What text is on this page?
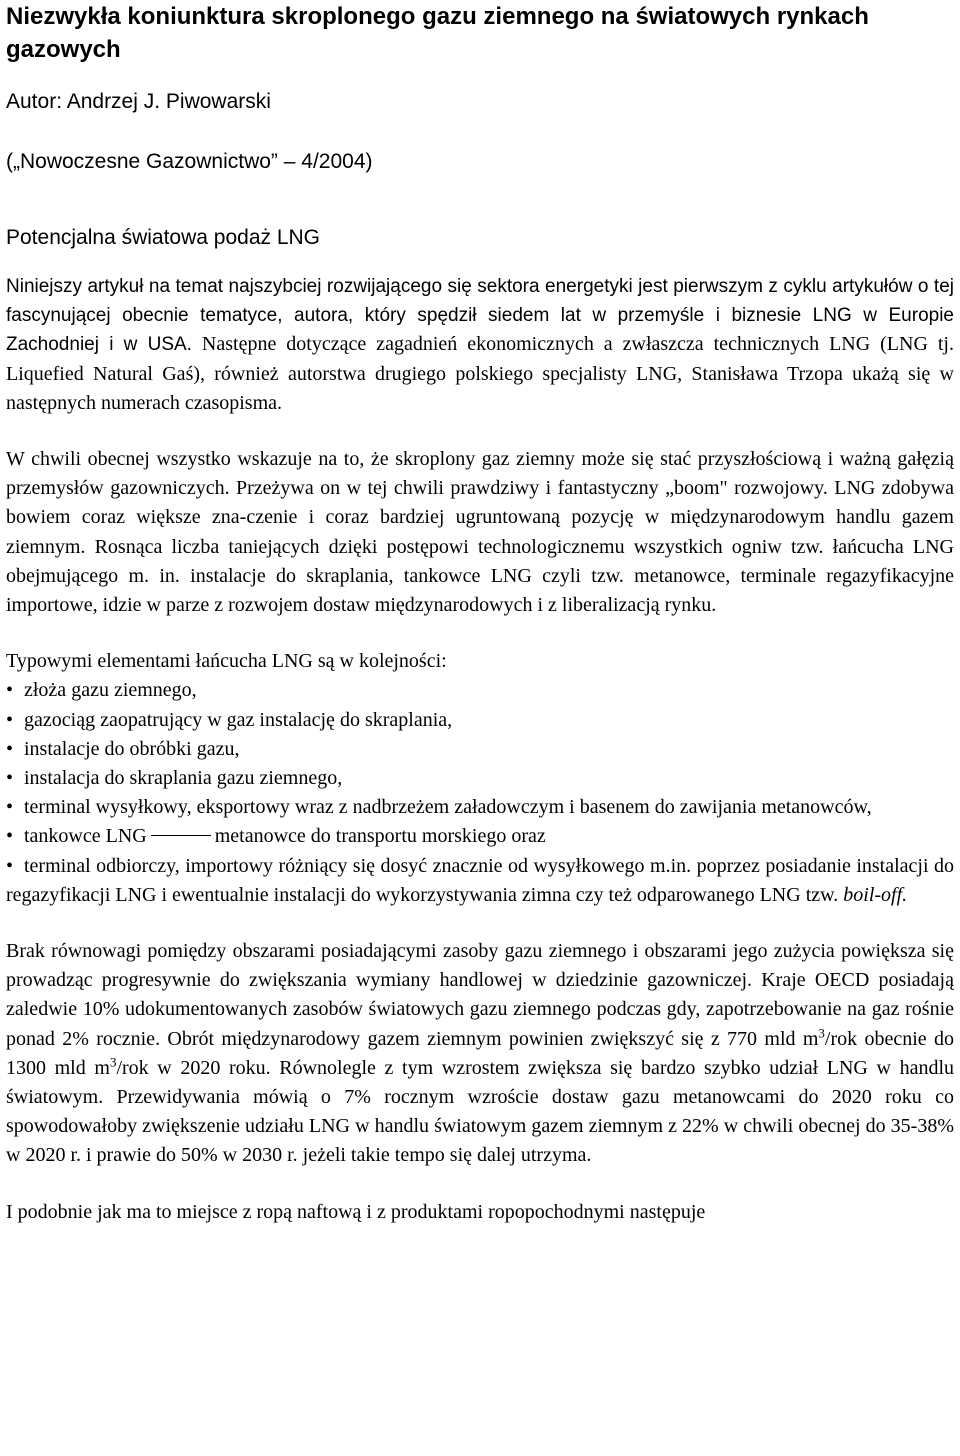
Niezwykła koniunktura skroplonego gazu ziemnego na światowych rynkach gazowych

Autor: Andrzej J. Piwowarski

(„Nowoczesne Gazownictwo” – 4/2004)

Potencjalna światowa podaż LNG

Niniejszy artykuł na temat najszybciej rozwijającego się sektora energetyki jest pierwszym z cyklu artykułów o tej fascynującej obecnie tematyce, autora, który spędził siedem lat w przemyśle i biznesie LNG w Europie Zachodniej i w USA. Następne dotyczące zagadnień ekonomicznych a zwłaszcza technicznych LNG (LNG tj. Liquefied Natural Gaś), również autorstwa drugiego polskiego specjalisty LNG, Stanisława Trzopa ukażą się w następnych numerach czasopisma.

W chwili obecnej wszystko wskazuje na to, że skroplony gaz ziemny może się stać przyszłościową i ważną gałęzią przemysłów gazowniczych. Przeżywa on w tej chwili prawdziwy i fantastyczny „boom" rozwojowy. LNG zdobywa bowiem coraz większe zna-czenie i coraz bardziej ugruntowaną pozycję w międzynarodowym handlu gazem ziemnym. Rosnąca liczba taniejących dzięki postępowi technologicznemu wszystkich ogniw tzw. łańcucha LNG obejmującego m. in. instalacje do skraplania, tankowce LNG czyli tzw. metanowce, terminale regazyfikacyjne importowe, idzie w parze z rozwojem dostaw międzynarodowych i z liberalizacją rynku.

Typowymi elementami łańcucha LNG są w kolejności:

• złoża gazu ziemnego,
• gazociąg zaopatrujący w gaz instalację do skraplania,
• instalacje do obróbki gazu,
• instalacja do skraplania gazu ziemnego,
• terminal wysyłkowy, eksportowy wraz z nadbrzeżem załadowczym i basenem do zawijania metanowców,
• tankowce LNG	metanowce do transportu morskiego oraz
• terminal odbiorczy, importowy różniący się dosyć znacznie od wysyłkowego m.in. poprzez posiadanie instalacji do regazyfikacji LNG i ewentualnie instalacji do wykorzystywania zimna czy też odparowanego LNG tzw. boil-off.

Brak równowagi pomiędzy obszarami posiadającymi zasoby gazu ziemnego i obszarami jego zużycia powiększa się prowadząc progresywnie do zwiększania wymiany handlowej w dziedzinie gazowniczej. Kraje OECD posiadają zaledwie 10% udokumentowanych zasobów światowych gazu ziemnego podczas gdy, zapotrzebowanie na gaz rośnie ponad 2% rocznie. Obrót międzynarodowy gazem ziemnym powinien zwiększyć się z 770 mld $m^3$/rok obecnie do 1300 mld $m^3$/rok w 2020 roku. Równolegle z tym wzrostem zwiększa się bardzo szybko udział LNG w handlu światowym. Przewidywania mówią o 7% rocznym wzroście dostaw gazu metanowcami do 2020 roku co spowodowałoby zwiększenie udziału LNG w handlu światowym gazem ziemnym z 22% w chwili obecnej do 35-38% w 2020 r. i prawie do 50% w 2030 r. jeżeli takie tempo się dalej utrzyma.

I podobnie jak ma to miejsce z ropą naftową i z produktami ropopochodnymi następuje
